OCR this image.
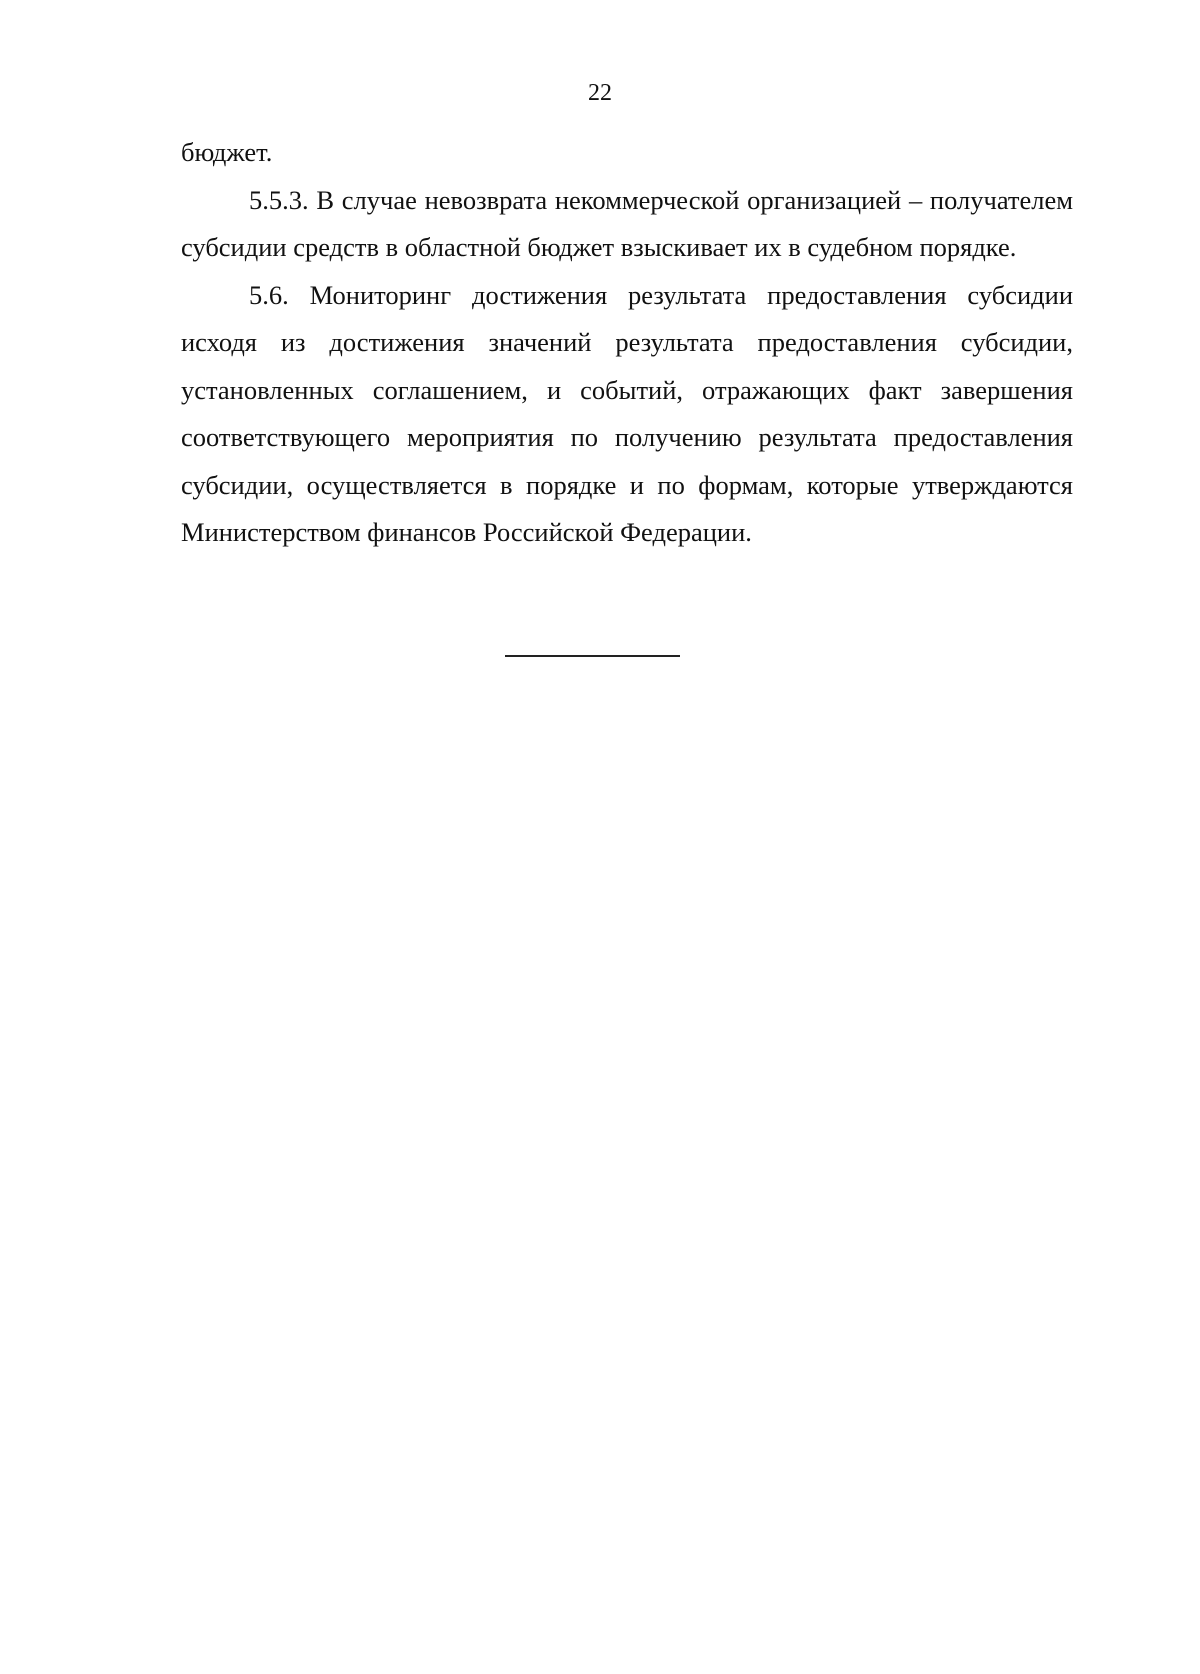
22

бюджет.

5.5.3. В случае невозврата некоммерческой организацией – получателем субсидии средств в областной бюджет взыскивает их в судебном порядке.

5.6. Мониторинг достижения результата предоставления субсидии исходя из достижения значений результата предоставления субсидии, установленных соглашением, и событий, отражающих факт завершения соответствующего мероприятия по получению результата предоставления субсидии, осуществляется в порядке и по формам, которые утверждаются Министерством финансов Российской Федерации.
